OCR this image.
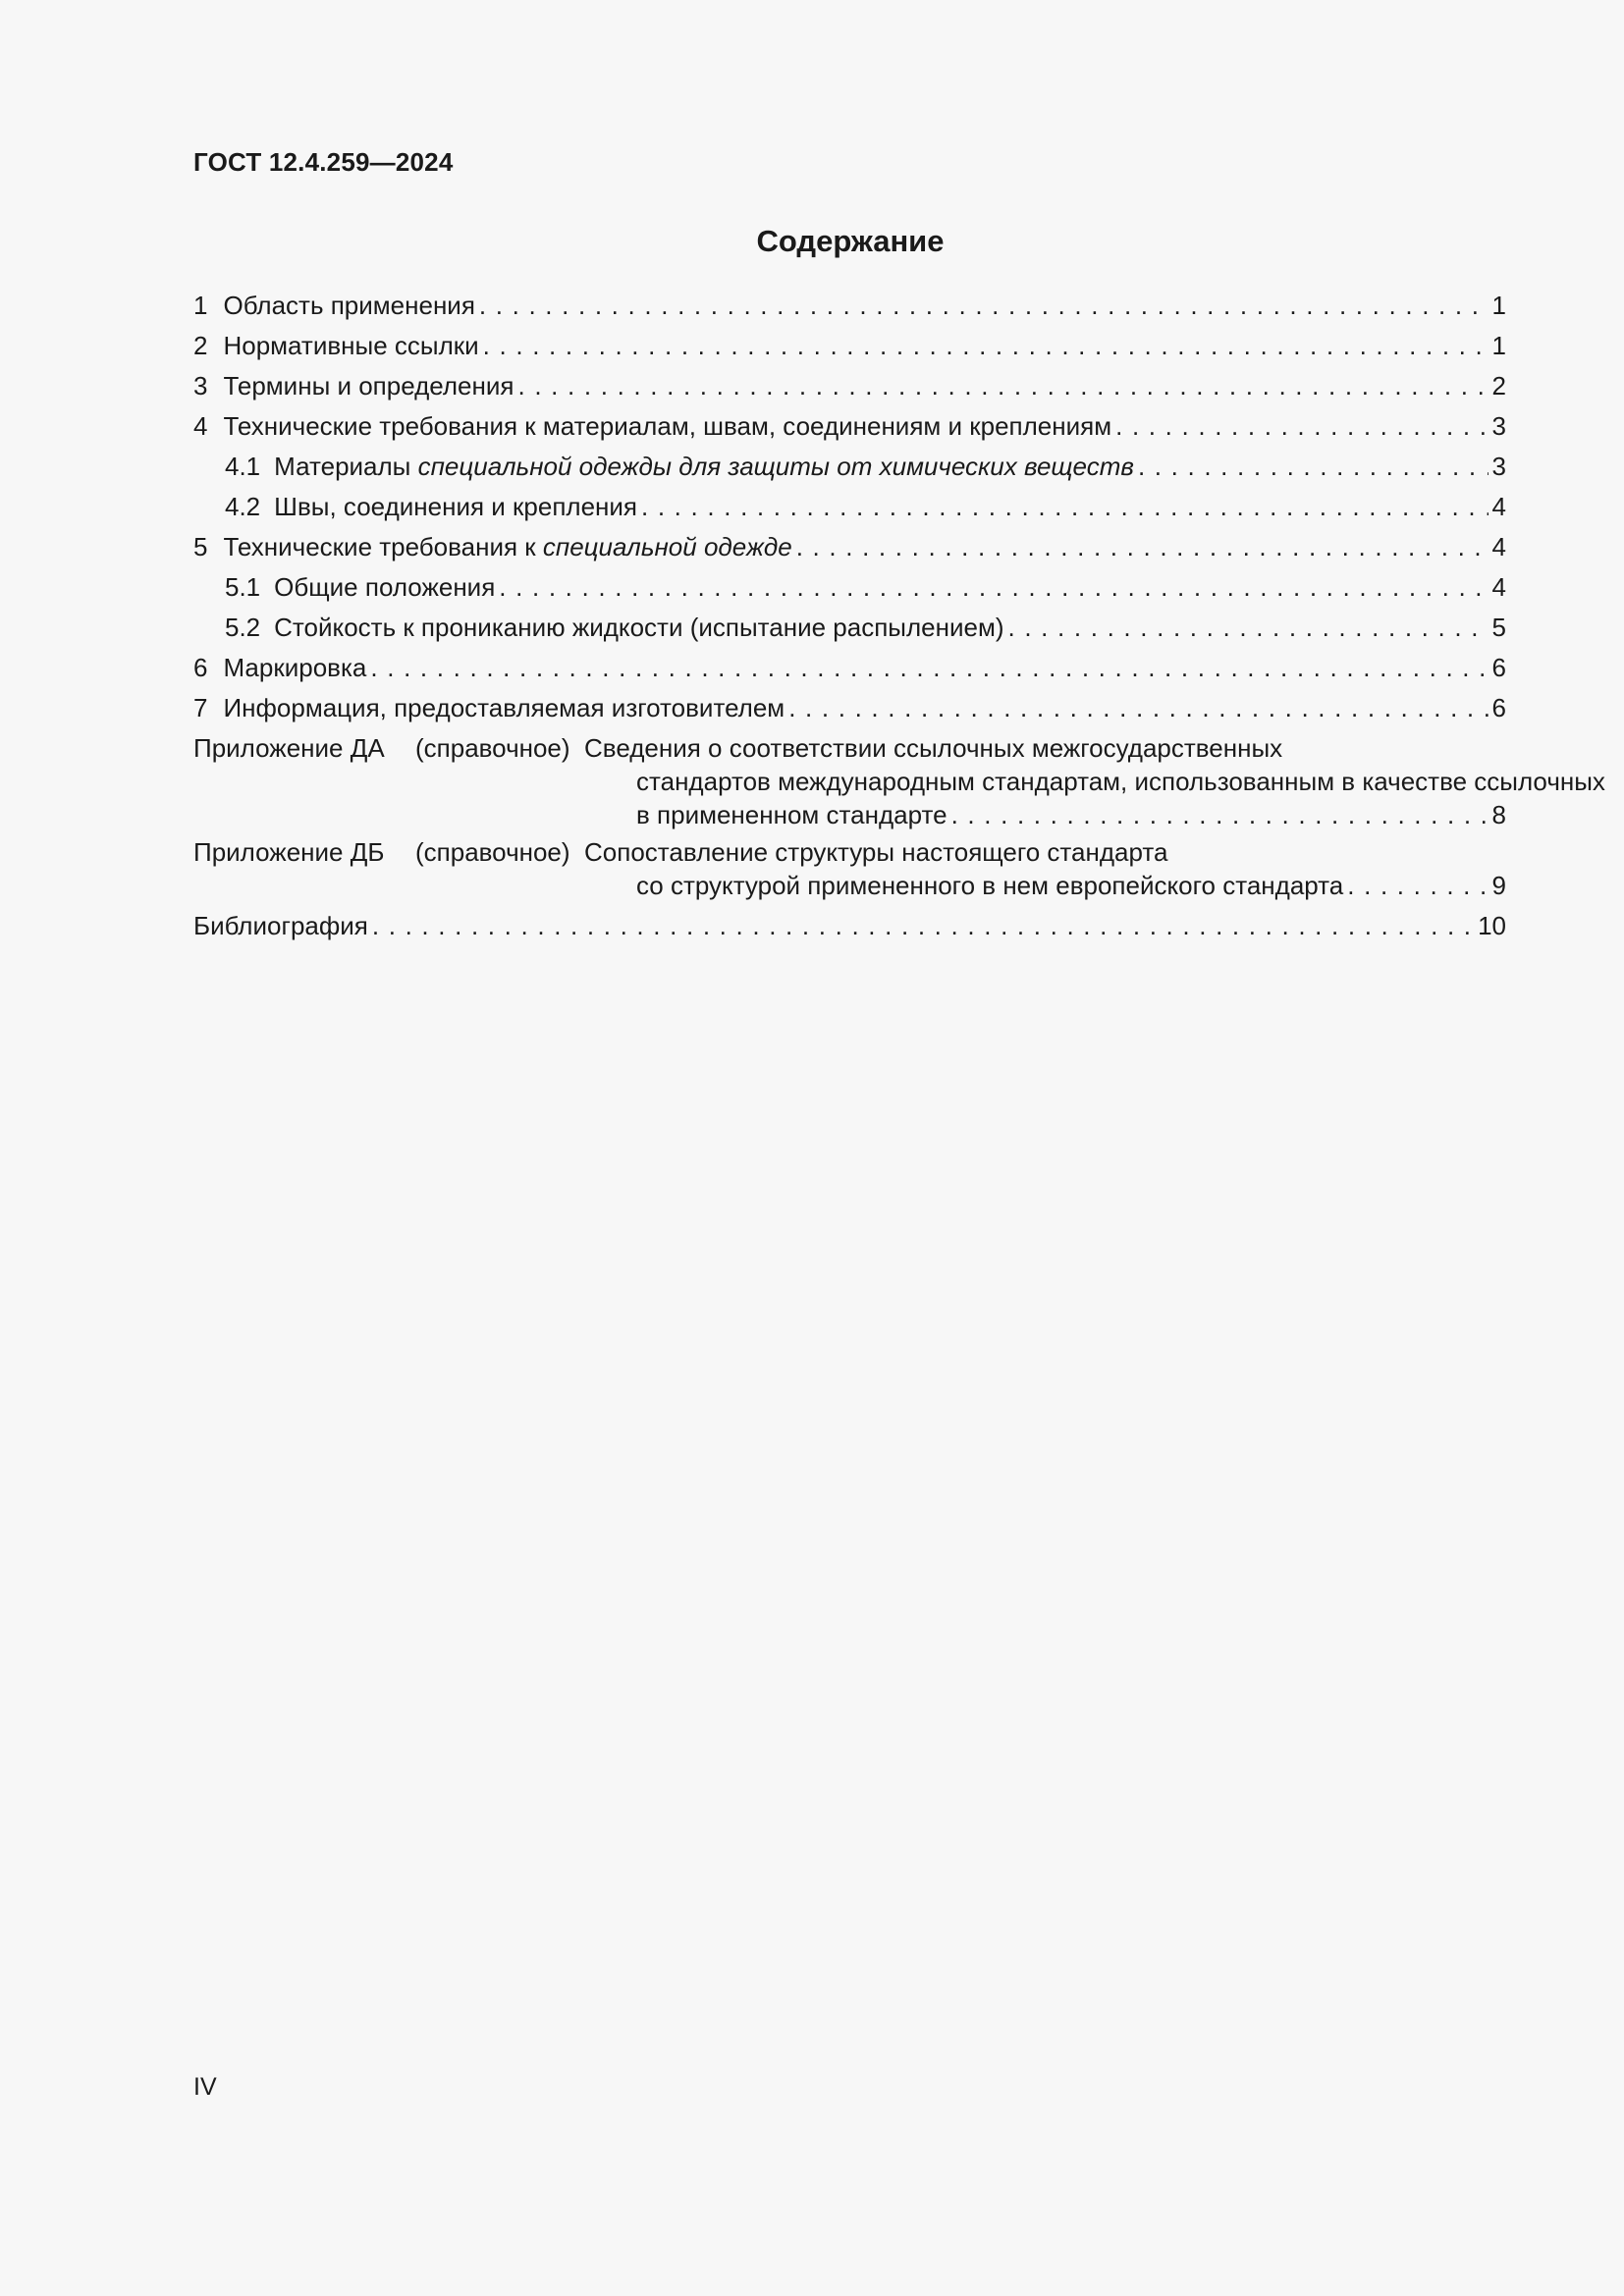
ГОСТ 12.4.259—2024
Содержание
1 Область применения . . .	1
2 Нормативные ссылки . . .	1
3 Термины и определения . . .	2
4 Технические требования к материалам, швам, соединениям и креплениям . . .	3
4.1 Материалы специальной одежды для защиты от химических веществ . . .	3
4.2 Швы, соединения и крепления . . .	4
5 Технические требования к специальной одежде . . .	4
5.1 Общие положения . . .	4
5.2 Стойкость к прониканию жидкости (испытание распылением) . . .	5
6 Маркировка . . .	6
7 Информация, предоставляемая изготовителем . . .	6
Приложение ДА	(справочное) Сведения о соответствии ссылочных межгосударственных
стандартов международным стандартам, использованным в качестве ссылочных
в примененном стандарте . . .	8
Приложение ДБ	(справочное) Сопоставление структуры настоящего стандарта
со структурой примененного в нем европейского стандарта . . .	9
Библиография . . .	10
IV
